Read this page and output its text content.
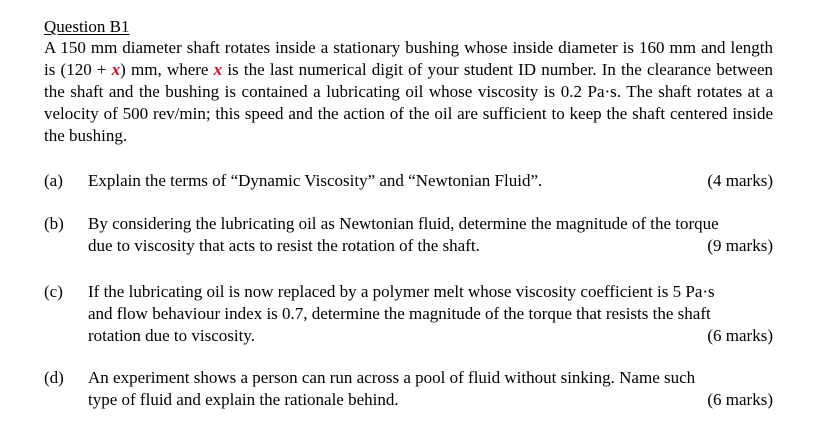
Question B1

A 150 mm diameter shaft rotates inside a stationary bushing whose inside diameter is 160 mm and length is (120 + x) mm, where x is the last numerical digit of your student ID number. In the clearance between the shaft and the bushing is contained a lubricating oil whose viscosity is 0.2 Pa·s. The shaft rotates at a velocity of 500 rev/min; this speed and the action of the oil are sufficient to keep the shaft centered inside the bushing.

(a) Explain the terms of “Dynamic Viscosity” and “Newtonian Fluid”.	(4 marks)
(b) By considering the lubricating oil as Newtonian fluid, determine the magnitude of the torque
due to viscosity that acts to resist the rotation of the shaft.	(9 marks)
(c) If the lubricating oil is now replaced by a polymer melt whose viscosity coefficient is 5 Pa·s
and flow behaviour index is 0.7, determine the magnitude of the torque that resists the shaft
rotation due to viscosity.	(6 marks)
(d) An experiment shows a person can run across a pool of fluid without sinking. Name such
type of fluid and explain the rationale behind.	(6 marks)
